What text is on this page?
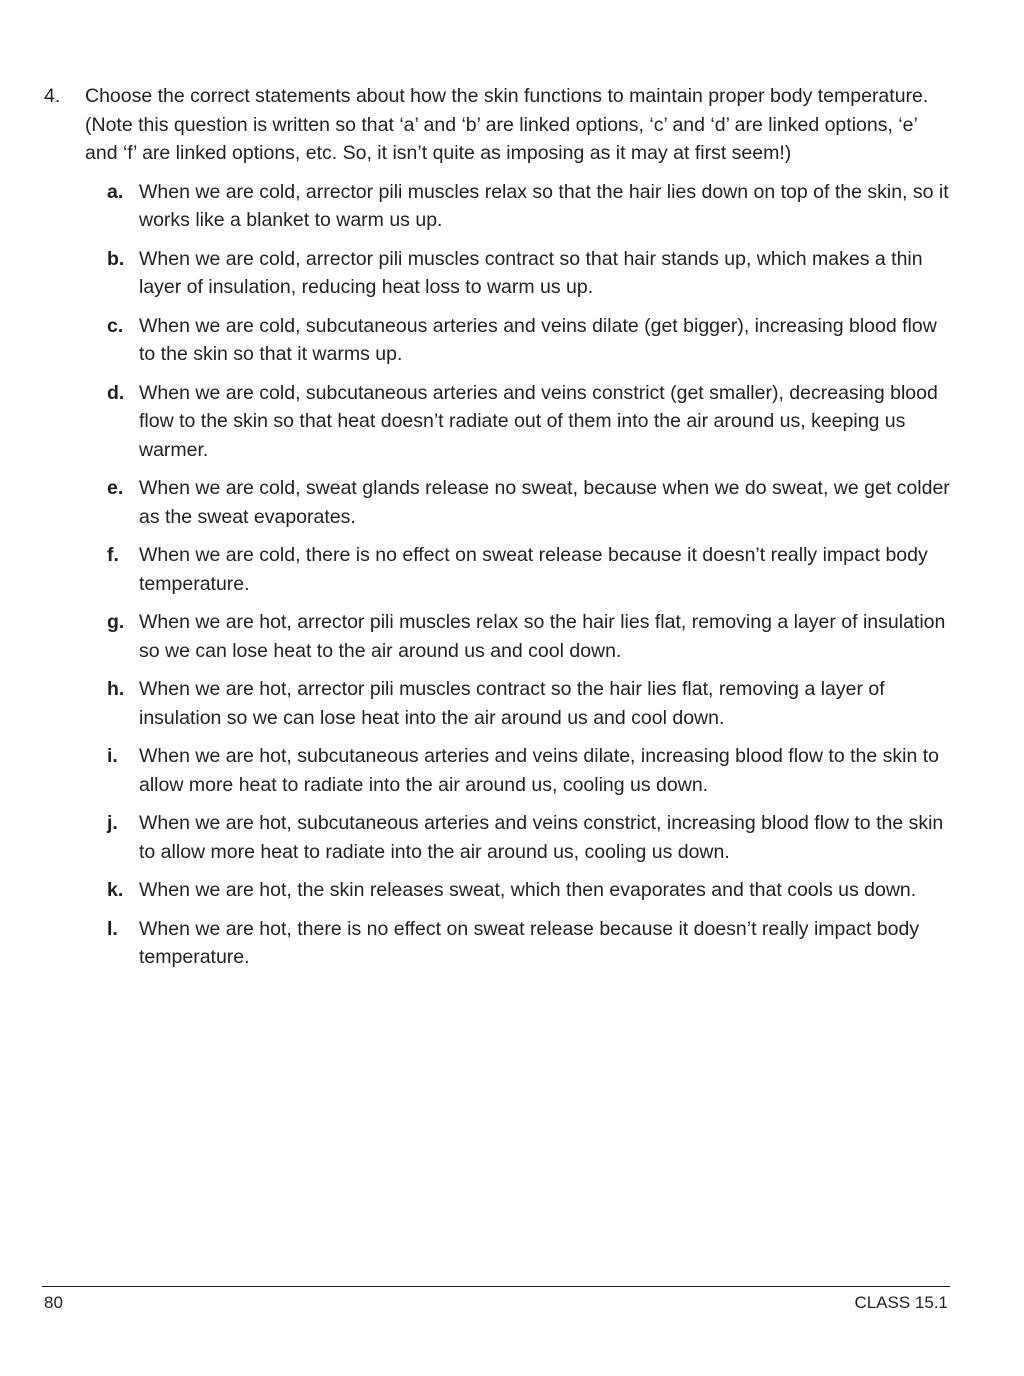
4.	Choose the correct statements about how the skin functions to maintain proper body temperature. (Note this question is written so that ‘a’ and ‘b’ are linked options, ‘c’ and ‘d’ are linked options, ‘e’ and ‘f’ are linked options, etc. So, it isn’t quite as imposing as it may at first seem!)
a. When we are cold, arrector pili muscles relax so that the hair lies down on top of the skin, so it works like a blanket to warm us up.
b. When we are cold, arrector pili muscles contract so that hair stands up, which makes a thin layer of insulation, reducing heat loss to warm us up.
c. When we are cold, subcutaneous arteries and veins dilate (get bigger), increasing blood flow to the skin so that it warms up.
d. When we are cold, subcutaneous arteries and veins constrict (get smaller), decreasing blood flow to the skin so that heat doesn’t radiate out of them into the air around us, keeping us warmer.
e. When we are cold, sweat glands release no sweat, because when we do sweat, we get colder as the sweat evaporates.
f.	When we are cold, there is no effect on sweat release because it doesn’t really impact body temperature.
g. When we are hot, arrector pili muscles relax so the hair lies flat, removing a layer of insulation so we can lose heat to the air around us and cool down.
h. When we are hot, arrector pili muscles contract so the hair lies flat, removing a layer of insulation so we can lose heat into the air around us and cool down.
i.	When we are hot, subcutaneous arteries and veins dilate, increasing blood flow to the skin to allow more heat to radiate into the air around us, cooling us down.
j.	When we are hot, subcutaneous arteries and veins constrict, increasing blood flow to the skin to allow more heat to radiate into the air around us, cooling us down.
k. When we are hot, the skin releases sweat, which then evaporates and that cools us down.
l.	When we are hot, there is no effect on sweat release because it doesn’t really impact body temperature.
80	CLASS 15.1
